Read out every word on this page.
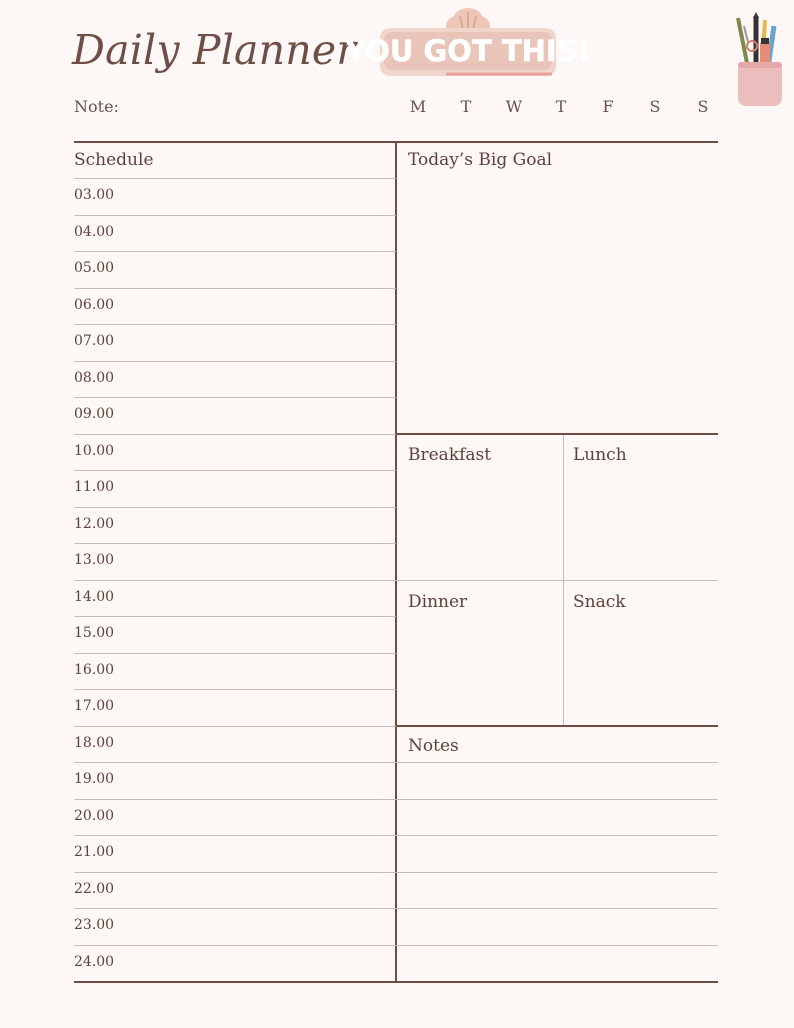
Daily Planner
YOU GOT THIS!
Note:	M	T	W	T	F	S	S
Schedule
03.00
04.00
05.00
06.00
07.00
08.00
09.00
10.00
11.00
12.00
13.00
14.00
15.00
16.00
17.00
18.00
19.00
20.00
21.00
22.00
23.00
24.00
Today’s Big Goal
Breakfast	Lunch
Dinner	Snack
Notes
